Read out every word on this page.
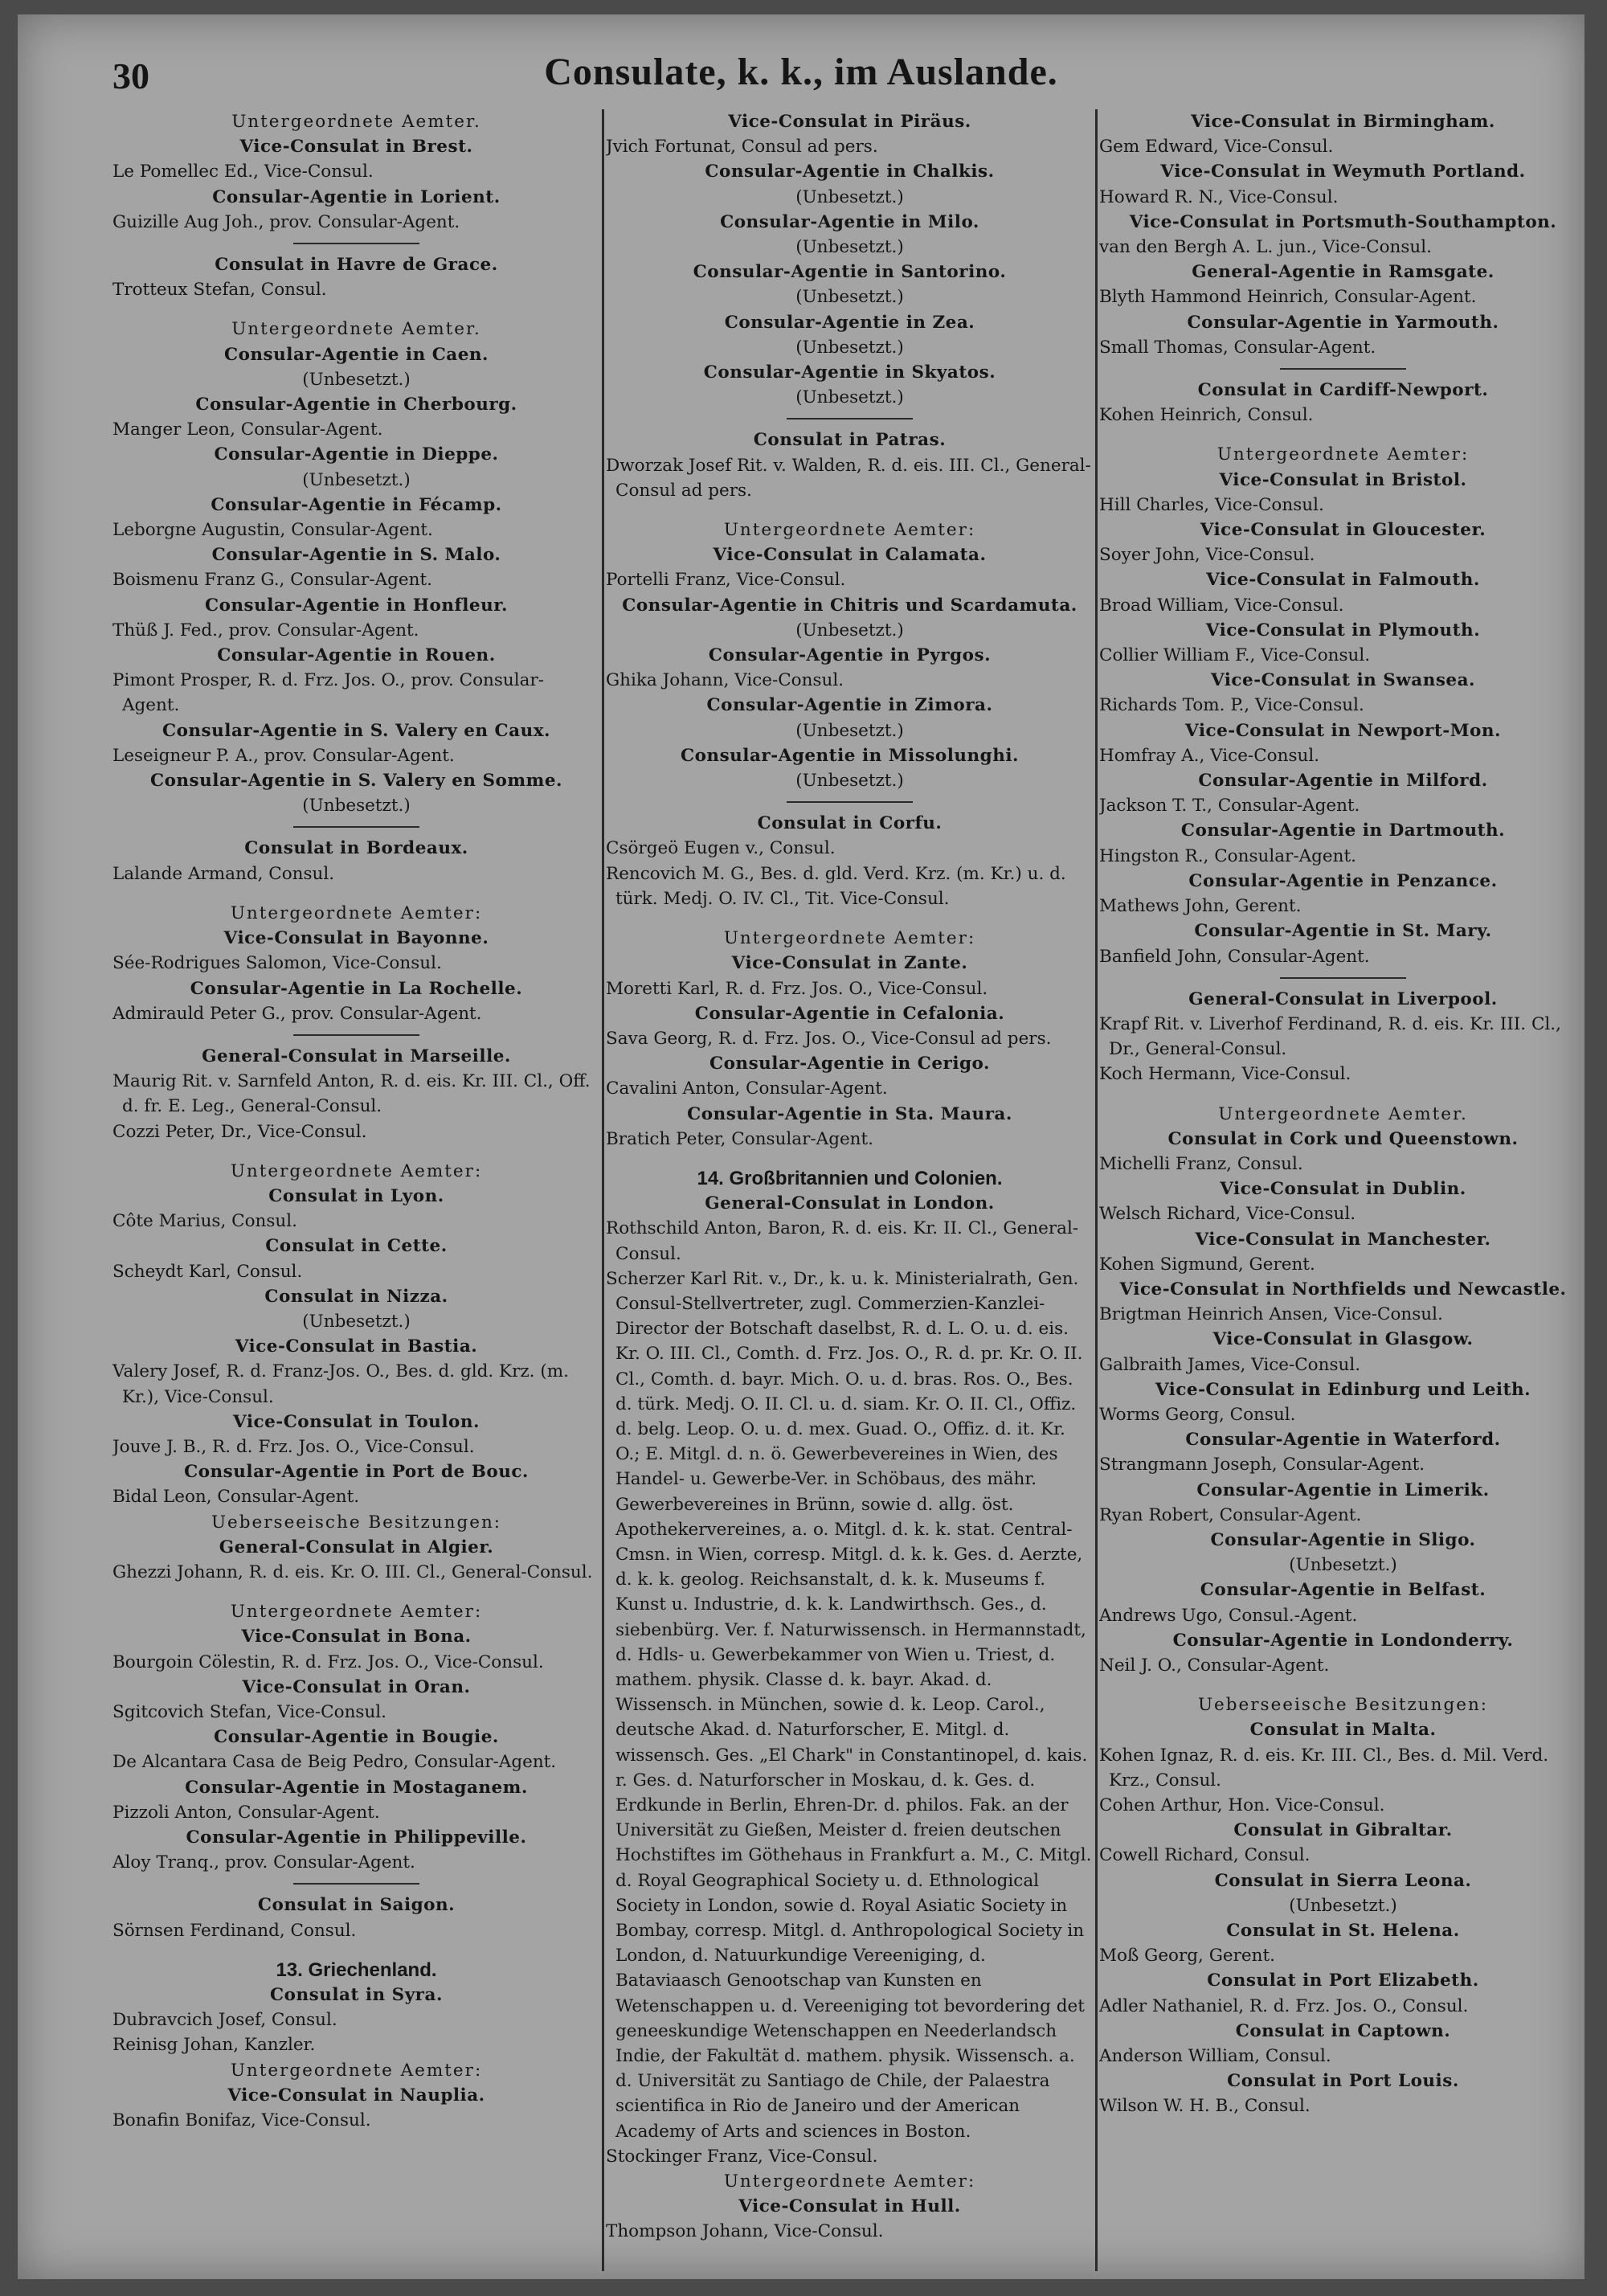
30	Consulate, k. k., im Auslande.
Untergeordnete Aemter.
Vice-Consulat in Brest.
Le Pomellec Ed., Vice-Consul.
Consular-Agentie in Lorient.
Guizille Aug Joh., prov. Consular-Agent.
Consulat in Havre de Grace.
Trotteux Stefan, Consul.
Untergeordnete Aemter.
Consular-Agentie in Caen.
(Unbesetzt.)
Consular-Agentie in Cherbourg.
Manger Leon, Consular-Agent.
Consular-Agentie in Dieppe.
(Unbesetzt.)
Consular-Agentie in Fécamp.
Leborgne Augustin, Consular-Agent.
Consular-Agentie in S. Malo.
Boismenu Franz G., Consular-Agent.
Consular-Agentie in Honfleur.
Thüß J. Fed., prov. Consular-Agent.
Consular-Agentie in Rouen.
Pimont Prosper, R. d. Frz. Jos. O., prov. Consular-Agent.
Consular-Agentie in S. Valery en Caux.
Leseigneur P. A., prov. Consular-Agent.
Consular-Agentie in S. Valery en Somme.
(Unbesetzt.)
Consulat in Bordeaux.
Lalande Armand, Consul.
Untergeordnete Aemter:
Vice-Consulat in Bayonne.
Sée-Rodrigues Salomon, Vice-Consul.
Consular-Agentie in La Rochelle.
Admirauld Peter G., prov. Consular-Agent.
General-Consulat in Marseille.
Maurig Rit. v. Sarnfeld Anton, R. d. eis. Kr. III. Cl., Off. d. fr. E. Leg., General-Consul.
Cozzi Peter, Dr., Vice-Consul.
Untergeordnete Aemter:
Consulat in Lyon.
Côte Marius, Consul.
Consulat in Cette.
Scheydt Karl, Consul.
Consulat in Nizza.
(Unbesetzt.)
Vice-Consulat in Bastia.
Valery Josef, R. d. Franz-Jos. O., Bes. d. gld. Krz. (m. Kr.), Vice-Consul.
Vice-Consulat in Toulon.
Jouve J. B., R. d. Frz. Jos. O., Vice-Consul.
Consular-Agentie in Port de Bouc.
Bidal Leon, Consular-Agent.
Ueberseeische Besitzungen:
General-Consulat in Algier.
Ghezzi Johann, R. d. eis. Kr. O. III. Cl., General-Consul.
Untergeordnete Aemter:
Vice-Consulat in Bona.
Bourgoin Cölestin, R. d. Frz. Jos. O., Vice-Consul.
Vice-Consulat in Oran.
Sgitcovich Stefan, Vice-Consul.
Consular-Agentie in Bougie.
De Alcantara Casa de Beig Pedro, Consular-Agent.
Consular-Agentie in Mostaganem.
Pizzoli Anton, Consular-Agent.
Consular-Agentie in Philippeville.
Aloy Tranq., prov. Consular-Agent.
Consulat in Saigon.
Sörnsen Ferdinand, Consul.
13. Griechenland.
Consulat in Syra.
Dubravcich Josef, Consul.
Reinisg Johan, Kanzler.
Untergeordnete Aemter:
Vice-Consulat in Nauplia.
Bonafin Bonifaz, Vice-Consul.
Vice-Consulat in Piräus.
Jvich Fortunat, Consul ad pers.
Consular-Agentie in Chalkis.
(Unbesetzt.)
Consular-Agentie in Milo.
(Unbesetzt.)
Consular-Agentie in Santorino.
(Unbesetzt.)
Consular-Agentie in Zea.
(Unbesetzt.)
Consular-Agentie in Skyatos.
(Unbesetzt.)
Consulat in Patras.
Dworzak Josef Rit. v. Walden, R. d. eis. III. Cl., General-Consul ad pers.
Untergeordnete Aemter:
Vice-Consulat in Calamata.
Portelli Franz, Vice-Consul.
Consular-Agentie in Chitris und Scardamuta.
(Unbesetzt.)
Consular-Agentie in Pyrgos.
Ghika Johann, Vice-Consul.
Consular-Agentie in Zimora.
(Unbesetzt.)
Consular-Agentie in Missolunghi.
(Unbesetzt.)
Consulat in Corfu.
Csörgeö Eugen v., Consul.
Rencovich M. G., Bes. d. gld. Verd. Krz. (m. Kr.) u. d. türk. Medj. O. IV. Cl., Tit. Vice-Consul.
Untergeordnete Aemter:
Vice-Consulat in Zante.
Moretti Karl, R. d. Frz. Jos. O., Vice-Consul.
Consular-Agentie in Cefalonia.
Sava Georg, R. d. Frz. Jos. O., Vice-Consul ad pers.
Consular-Agentie in Cerigo.
Cavalini Anton, Consular-Agent.
Consular-Agentie in Sta. Maura.
Bratich Peter, Consular-Agent.
14. Großbritannien und Colonien.
General-Consulat in London.
Rothschild Anton, Baron, R. d. eis. Kr. II. Cl., General-Consul.
Scherzer Karl Rit. v., Dr., k. u. k. Ministerialrath, Gen. Consul-Stellvertreter, zugl. Commerzien-Kanzlei-Director der Botschaft daselbst, R. d. L. O. u. d. eis. Kr. O. III. Cl., Comth. d. Frz. Jos. O., R. d. pr. Kr. O. II. Cl., Comth. d. bayr. Mich. O. u. d. bras. Ros. O., Bes. d. türk. Medj. O. II. Cl. u. d. siam. Kr. O. II. Cl., Offiz. d. belg. Leop. O. u. d. mex. Guad. O., Offiz. d. it. Kr. O.; E. Mitgl. d. n. ö. Gewerbevereines in Wien, des Handel- u. Gewerbe-Ver. in Schöbaus, des mähr. Gewerbevereines in Brünn, sowie d. allg. öst. Apothekervereines, a. o. Mitgl. d. k. k. stat. Central-Cmsn. in Wien, corresp. Mitgl. d. k. k. Ges. d. Aerzte, d. k. k. geolog. Reichsanstalt, d. k. k. Museums f. Kunst u. Industrie, d. k. k. Landwirthsch. Ges., d. siebenbürg. Ver. f. Naturwissensch. in Hermannstadt, d. Hdls- u. Gewerbekammer von Wien u. Triest, d. mathem. physik. Classe d. k. bayr. Akad. d. Wissensch. in München, sowie d. k. Leop. Carol., deutsche Akad. d. Naturforscher, E. Mitgl. d. wissensch. Ges. „El Chark" in Constantinopel, d. kais. r. Ges. d. Naturforscher in Moskau, d. k. Ges. d. Erdkunde in Berlin, Ehren-Dr. d. philos. Fak. an der Universität zu Gießen, Meister d. freien deutschen Hochstiftes im Göthehaus in Frankfurt a. M., C. Mitgl. d. Royal Geographical Society u. d. Ethnological Society in London, sowie d. Royal Asiatic Society in Bombay, corresp. Mitgl. d. Anthropological Society in London, d. Natuurkundige Vereeniging, d. Bataviaasch Genootschap van Kunsten en Wetenschappen u. d. Vereeniging tot bevordering det geneeskundige Wetenschappen en Neederlandsch Indie, der Fakultät d. mathem. physik. Wissensch. a. d. Universität zu Santiago de Chile, der Palaestra scientifica in Rio de Janeiro und der American Academy of Arts and sciences in Boston.
Stockinger Franz, Vice-Consul.
Untergeordnete Aemter:
Vice-Consulat in Hull.
Thompson Johann, Vice-Consul.
Vice-Consulat in Birmingham.
Gem Edward, Vice-Consul.
Vice-Consulat in Weymuth Portland.
Howard R. N., Vice-Consul.
Vice-Consulat in Portsmuth-Southampton.
van den Bergh A. L. jun., Vice-Consul.
General-Agentie in Ramsgate.
Blyth Hammond Heinrich, Consular-Agent.
Consular-Agentie in Yarmouth.
Small Thomas, Consular-Agent.
Consulat in Cardiff-Newport.
Kohen Heinrich, Consul.
Untergeordnete Aemter:
Vice-Consulat in Bristol.
Hill Charles, Vice-Consul.
Vice-Consulat in Gloucester.
Soyer John, Vice-Consul.
Vice-Consulat in Falmouth.
Broad William, Vice-Consul.
Vice-Consulat in Plymouth.
Collier William F., Vice-Consul.
Vice-Consulat in Swansea.
Richards Tom. P., Vice-Consul.
Vice-Consulat in Newport-Mon.
Homfray A., Vice-Consul.
Consular-Agentie in Milford.
Jackson T. T., Consular-Agent.
Consular-Agentie in Dartmouth.
Hingston R., Consular-Agent.
Consular-Agentie in Penzance.
Mathews John, Gerent.
Consular-Agentie in St. Mary.
Banfield John, Consular-Agent.
General-Consulat in Liverpool.
Krapf Rit. v. Liverhof Ferdinand, R. d. eis. Kr. III. Cl., Dr., General-Consul.
Koch Hermann, Vice-Consul.
Untergeordnete Aemter.
Consulat in Cork und Queenstown.
Michelli Franz, Consul.
Vice-Consulat in Dublin.
Welsch Richard, Vice-Consul.
Vice-Consulat in Manchester.
Kohen Sigmund, Gerent.
Vice-Consulat in Northfields und Newcastle.
Brigtman Heinrich Ansen, Vice-Consul.
Vice-Consulat in Glasgow.
Galbraith James, Vice-Consul.
Vice-Consulat in Edinburg und Leith.
Worms Georg, Consul.
Consular-Agentie in Waterford.
Strangmann Joseph, Consular-Agent.
Consular-Agentie in Limerik.
Ryan Robert, Consular-Agent.
Consular-Agentie in Sligo.
(Unbesetzt.)
Consular-Agentie in Belfast.
Andrews Ugo, Consul.-Agent.
Consular-Agentie in Londonderry.
Neil J. O., Consular-Agent.
Ueberseeische Besitzungen:
Consulat in Malta.
Kohen Ignaz, R. d. eis. Kr. III. Cl., Bes. d. Mil. Verd. Krz., Consul.
Cohen Arthur, Hon. Vice-Consul.
Consulat in Gibraltar.
Cowell Richard, Consul.
Consulat in Sierra Leona.
(Unbesetzt.)
Consulat in St. Helena.
Moß Georg, Gerent.
Consulat in Port Elizabeth.
Adler Nathaniel, R. d. Frz. Jos. O., Consul.
Consulat in Captown.
Anderson William, Consul.
Consulat in Port Louis.
Wilson W. H. B., Consul.
